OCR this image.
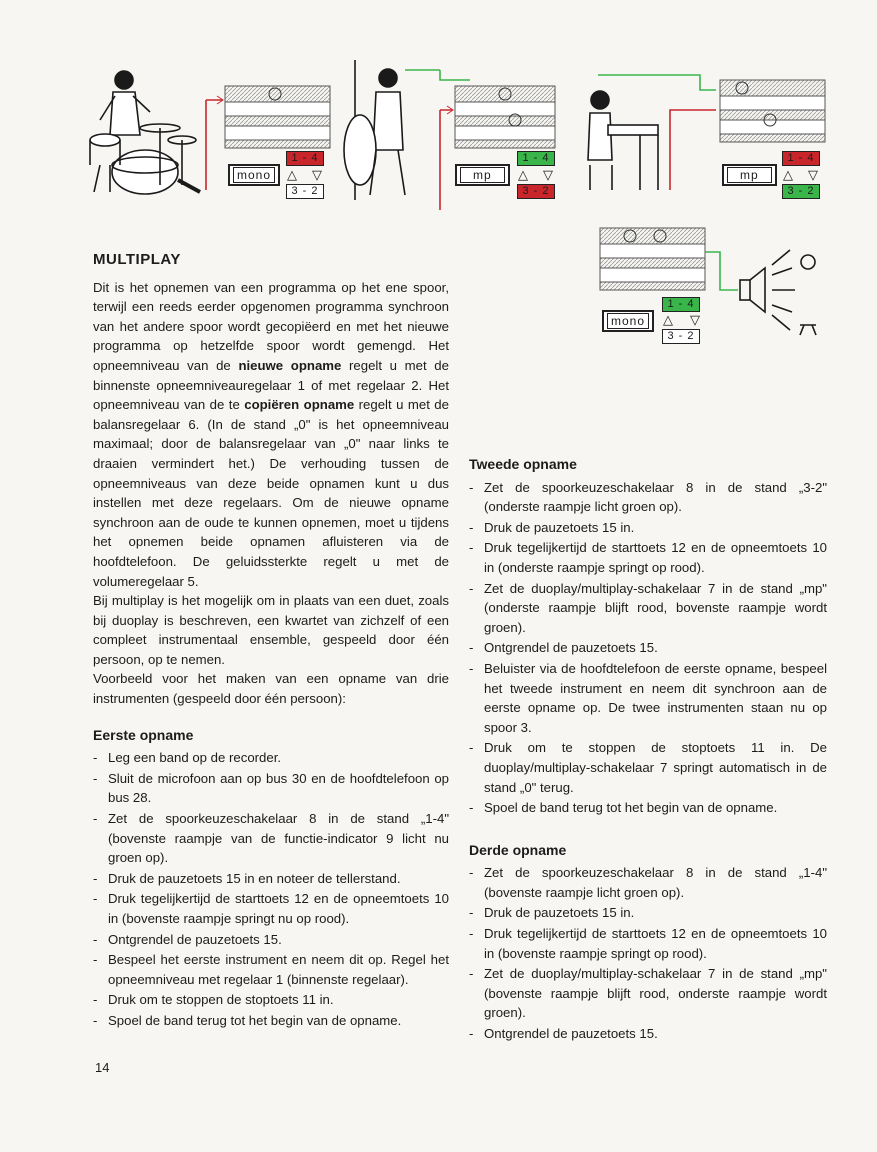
mono
1 - 4
△ ▽
3 - 2
mp
1 - 4
△ ▽
3 - 2
mp
1 - 4
△ ▽
3 - 2
mono
1 - 4
△ ▽
3 - 2
MULTIPLAY

Dit is het opnemen van een programma op het ene spoor, terwijl een reeds eerder opgenomen programma synchroon van het andere spoor wordt gecopiëerd en met het nieuwe programma op hetzelfde spoor wordt gemengd. Het opneemniveau van de nieuwe opname regelt u met de binnenste opneemniveauregelaar 1 of met regelaar 2. Het opneemniveau van de te copiëren opname regelt u met de balansregelaar 6. (In de stand „0" is het opneemniveau maximaal; door de balansregelaar van „0" naar links te draaien vermindert het.) De verhouding tussen de opneemniveaus van deze beide opnamen kunt u dus instellen met deze regelaars. Om de nieuwe opname synchroon aan de oude te kunnen opnemen, moet u tijdens het opnemen beide opnamen afluisteren via de hoofdtelefoon. De geluidssterkte regelt u met de volumeregelaar 5.

Bij multiplay is het mogelijk om in plaats van een duet, zoals bij duoplay is beschreven, een kwartet van zichzelf of een compleet instrumentaal ensemble, gespeeld door één persoon, op te nemen.

Voorbeeld voor het maken van een opname van drie instrumenten (gespeeld door één persoon):

Eerste opname
- Leg een band op de recorder.
- Sluit de microfoon aan op bus 30 en de hoofdtelefoon op bus 28.
- Zet de spoorkeuzeschakelaar 8 in de stand „1-4" (bovenste raampje van de functie-indicator 9 licht nu groen op).
- Druk de pauzetoets 15 in en noteer de tellerstand.
- Druk tegelijkertijd de starttoets 12 en de opneemtoets 10 in (bovenste raampje springt nu op rood).
- Ontgrendel de pauzetoets 15.
- Bespeel het eerste instrument en neem dit op. Regel het opneemniveau met regelaar 1 (binnenste regelaar).
- Druk om te stoppen de stoptoets 11 in.
- Spoel de band terug tot het begin van de opname.
Tweede opname
- Zet de spoorkeuzeschakelaar 8 in de stand „3-2" (onderste raampje licht groen op).
- Druk de pauzetoets 15 in.
- Druk tegelijkertijd de starttoets 12 en de opneemtoets 10 in (onderste raampje springt op rood).
- Zet de duoplay/multiplay-schakelaar 7 in de stand „mp" (onderste raampje blijft rood, bovenste raampje wordt groen).
- Ontgrendel de pauzetoets 15.
- Beluister via de hoofdtelefoon de eerste opname, bespeel het tweede instrument en neem dit synchroon aan de eerste opname op. De twee instrumenten staan nu op spoor 3.
- Druk om te stoppen de stoptoets 11 in. De duoplay/multiplay-schakelaar 7 springt automatisch in de stand „0" terug.
- Spoel de band terug tot het begin van de opname.
Derde opname
- Zet de spoorkeuzeschakelaar 8 in de stand „1-4" (bovenste raampje licht groen op).
- Druk de pauzetoets 15 in.
- Druk tegelijkertijd de starttoets 12 en de opneemtoets 10 in (bovenste raampje springt op rood).
- Zet de duoplay/multiplay-schakelaar 7 in de stand „mp" (bovenste raampje blijft rood, onderste raampje wordt groen).
- Ontgrendel de pauzetoets 15.
14
